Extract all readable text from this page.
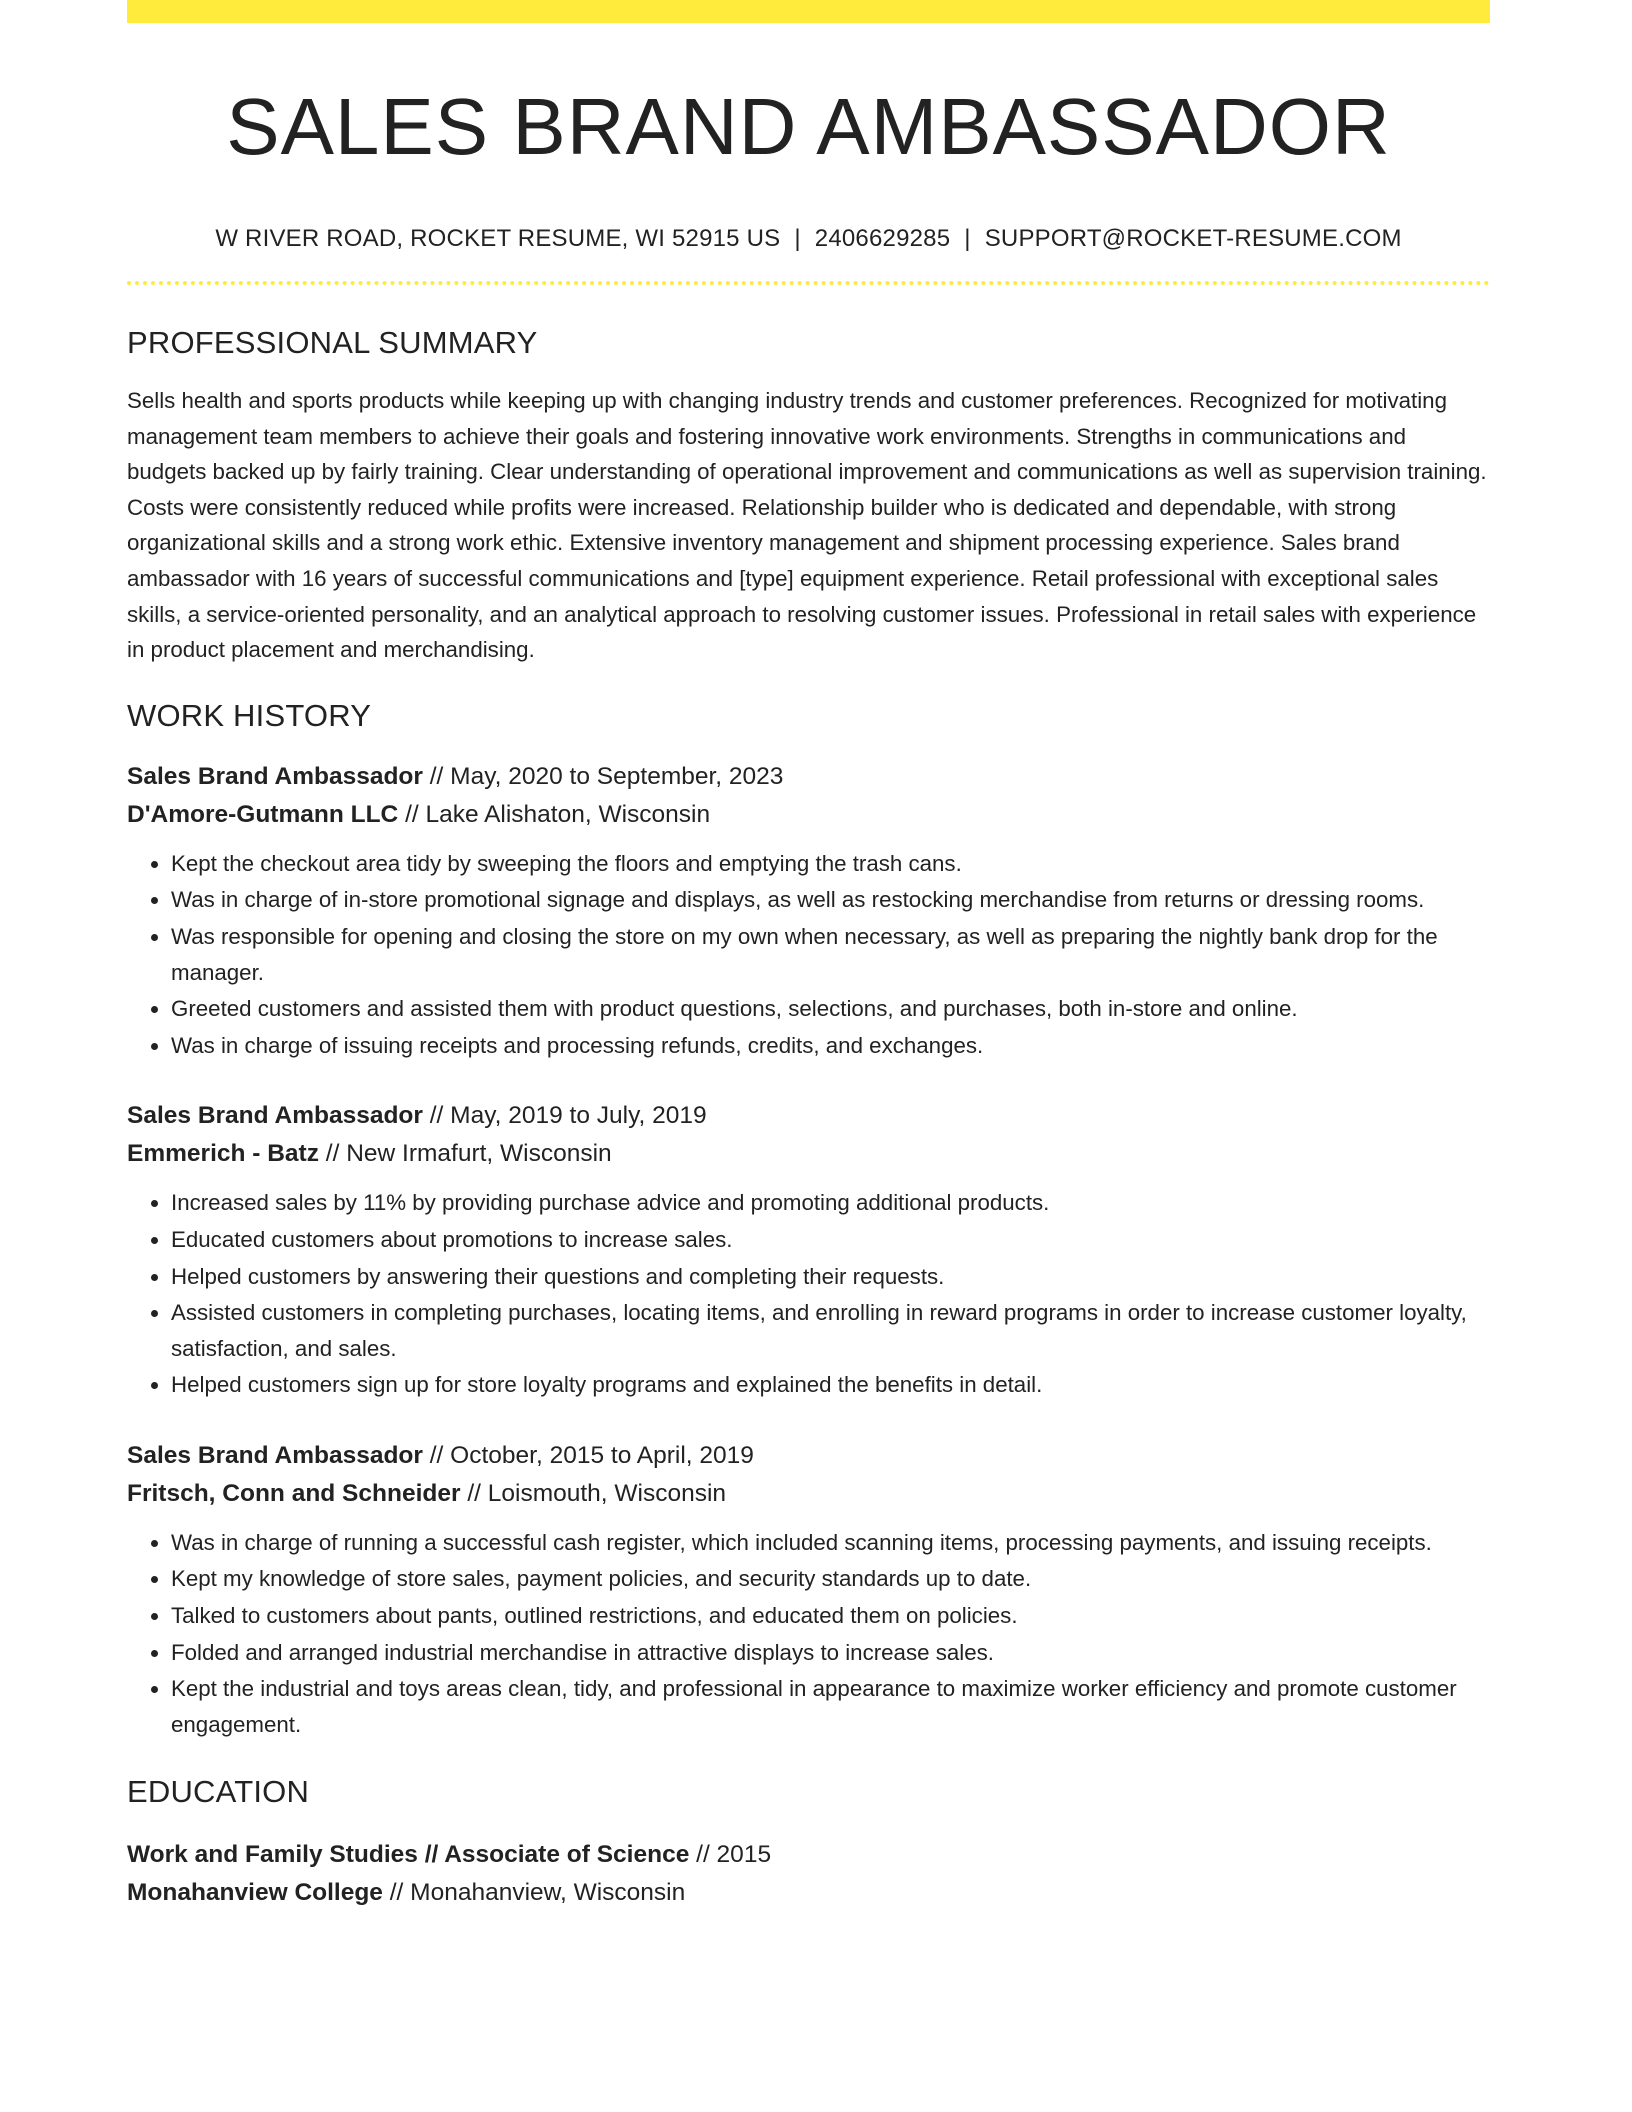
SALES BRAND AMBASSADOR
W RIVER ROAD, ROCKET RESUME, WI 52915 US | 2406629285 | SUPPORT@ROCKET-RESUME.COM
PROFESSIONAL SUMMARY
Sells health and sports products while keeping up with changing industry trends and customer preferences. Recognized for motivating management team members to achieve their goals and fostering innovative work environments. Strengths in communications and budgets backed up by fairly training. Clear understanding of operational improvement and communications as well as supervision training. Costs were consistently reduced while profits were increased. Relationship builder who is dedicated and dependable, with strong organizational skills and a strong work ethic. Extensive inventory management and shipment processing experience. Sales brand ambassador with 16 years of successful communications and [type] equipment experience. Retail professional with exceptional sales skills, a service-oriented personality, and an analytical approach to resolving customer issues. Professional in retail sales with experience in product placement and merchandising.
WORK HISTORY
Sales Brand Ambassador // May, 2020 to September, 2023
D'Amore-Gutmann LLC // Lake Alishaton, Wisconsin
• Kept the checkout area tidy by sweeping the floors and emptying the trash cans.
• Was in charge of in-store promotional signage and displays, as well as restocking merchandise from returns or dressing rooms.
• Was responsible for opening and closing the store on my own when necessary, as well as preparing the nightly bank drop for the manager.
• Greeted customers and assisted them with product questions, selections, and purchases, both in-store and online.
• Was in charge of issuing receipts and processing refunds, credits, and exchanges.
Sales Brand Ambassador // May, 2019 to July, 2019
Emmerich - Batz // New Irmafurt, Wisconsin
• Increased sales by 11% by providing purchase advice and promoting additional products.
• Educated customers about promotions to increase sales.
• Helped customers by answering their questions and completing their requests.
• Assisted customers in completing purchases, locating items, and enrolling in reward programs in order to increase customer loyalty, satisfaction, and sales.
• Helped customers sign up for store loyalty programs and explained the benefits in detail.
Sales Brand Ambassador // October, 2015 to April, 2019
Fritsch, Conn and Schneider // Loismouth, Wisconsin
• Was in charge of running a successful cash register, which included scanning items, processing payments, and issuing receipts.
• Kept my knowledge of store sales, payment policies, and security standards up to date.
• Talked to customers about pants, outlined restrictions, and educated them on policies.
• Folded and arranged industrial merchandise in attractive displays to increase sales.
• Kept the industrial and toys areas clean, tidy, and professional in appearance to maximize worker efficiency and promote customer engagement.
EDUCATION
Work and Family Studies // Associate of Science // 2015
Monahanview College // Monahanview, Wisconsin
